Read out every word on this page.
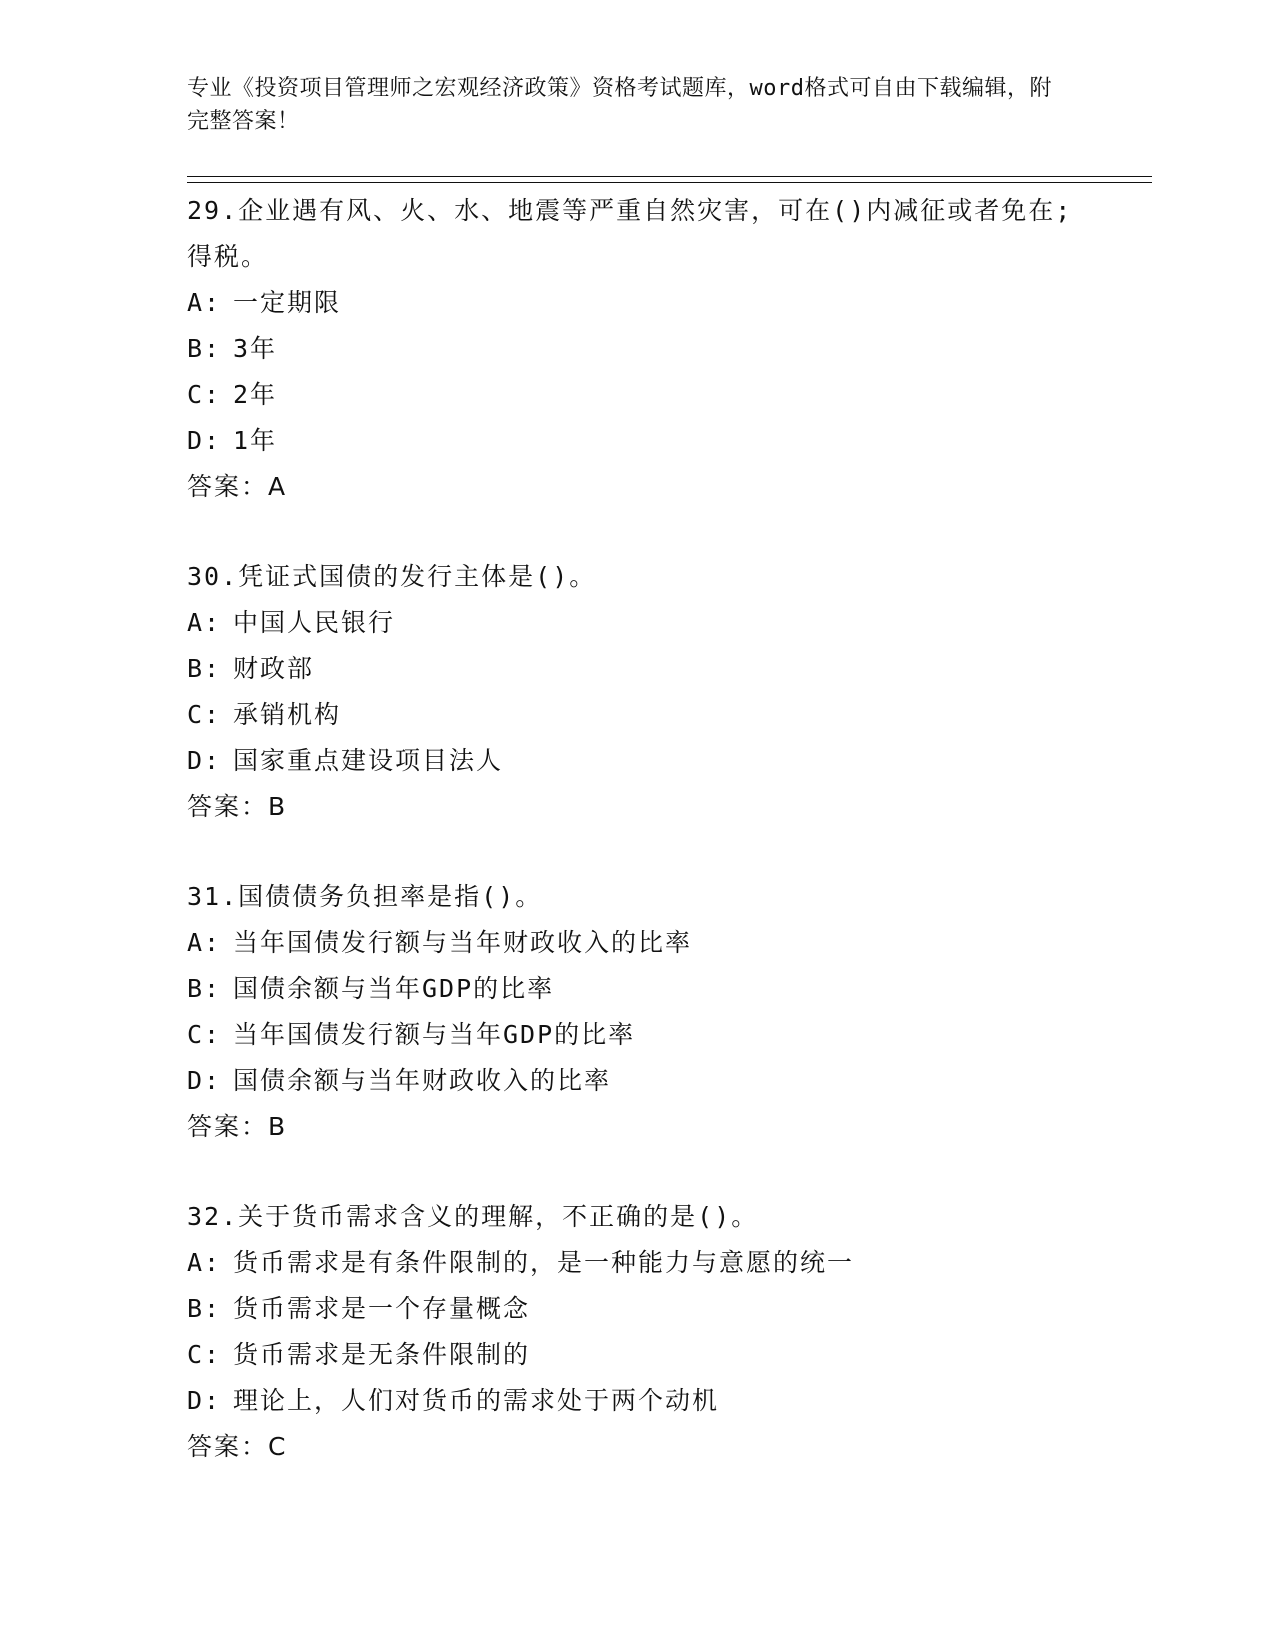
专业《投资项目管理师之宏观经济政策》资格考试题库，word格式可自由下载编辑，附完整答案！

29.企业遇有风、火、水、地震等严重自然灾害，可在()内减征或者免在;得税。

A: 一定期限
B: 3年
C: 2年
D: 1年
答案：A

30.凭证式国债的发行主体是()。

A: 中国人民银行
B: 财政部
C: 承销机构
D: 国家重点建设项目法人
答案：B

31.国债债务负担率是指()。

A: 当年国债发行额与当年财政收入的比率
B: 国债余额与当年GDP的比率
C: 当年国债发行额与当年GDP的比率
D: 国债余额与当年财政收入的比率
答案：B

32.关于货币需求含义的理解，不正确的是()。

A: 货币需求是有条件限制的，是一种能力与意愿的统一
B: 货币需求是一个存量概念
C: 货币需求是无条件限制的
D: 理论上，人们对货币的需求处于两个动机
答案：C
